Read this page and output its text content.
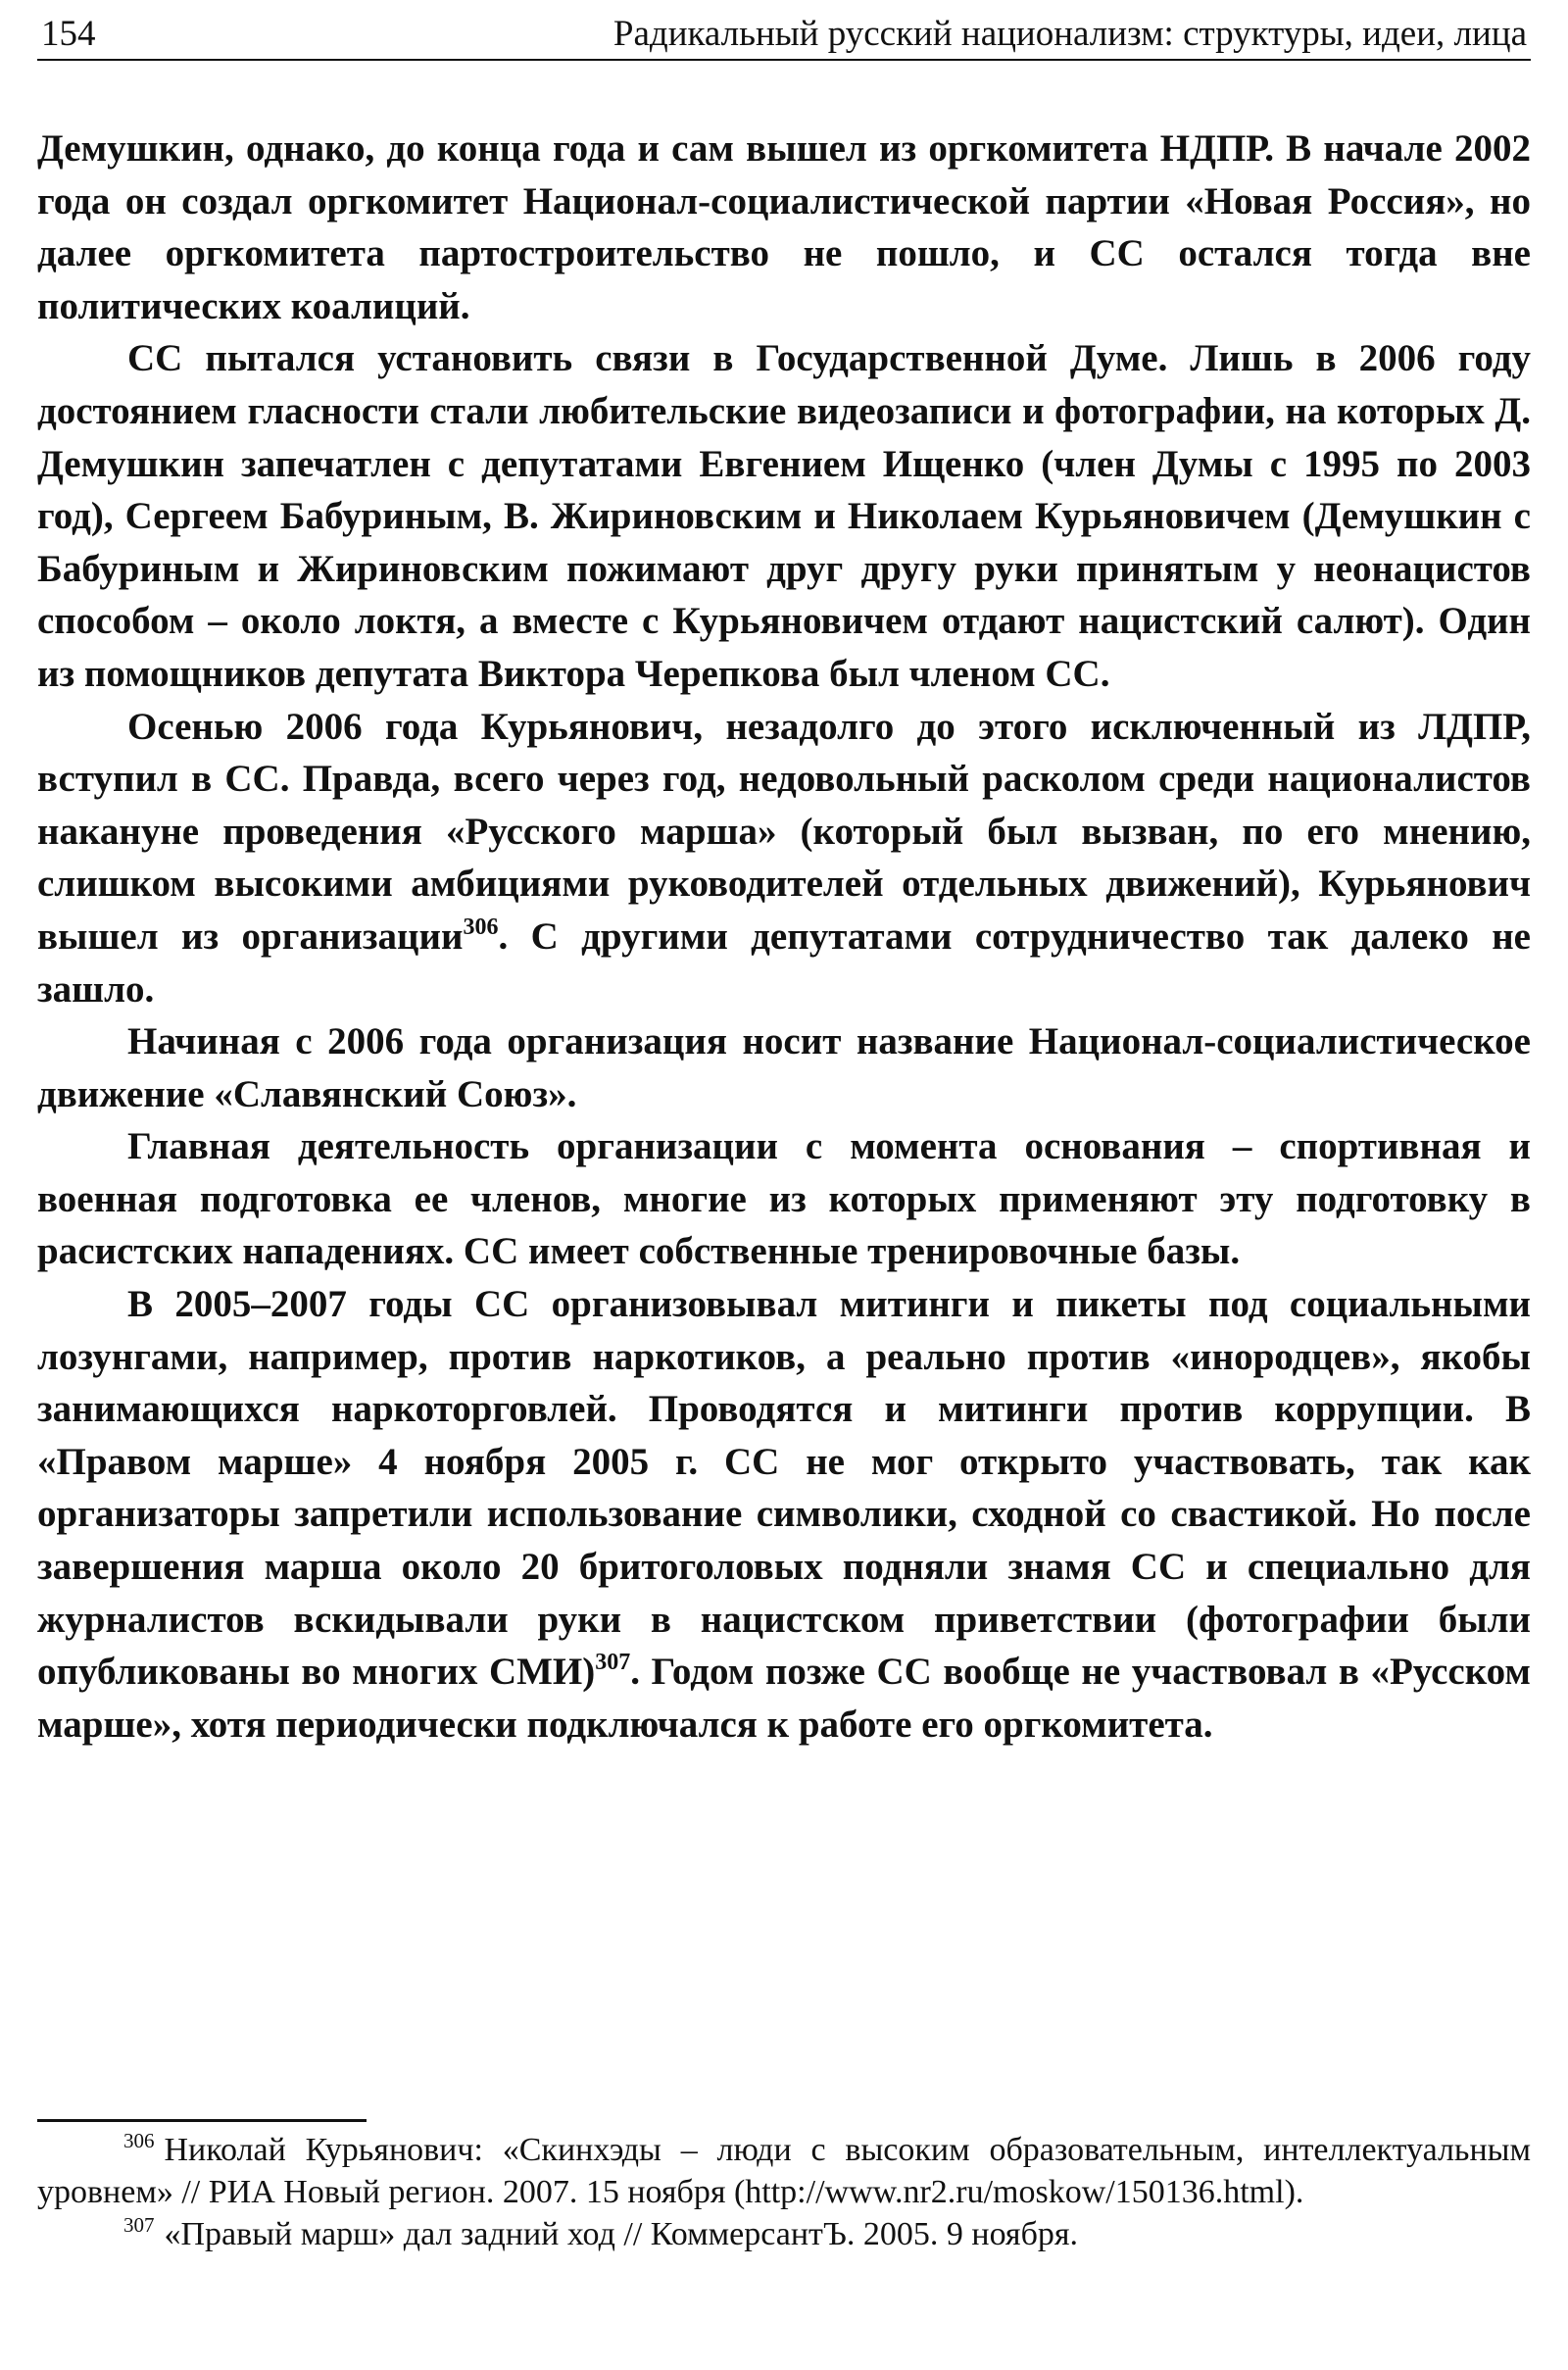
154	Радикальный русский национализм: структуры, идеи, лица

Демушкин, однако, до конца года и сам вышел из оргкомитета НДПР. В начале 2002 года он создал оргкомитет Национал-социалистической партии «Новая Россия», но далее оргкомитета партостроительство не пошло, и СС остался тогда вне политических коалиций.

СС пытался установить связи в Государственной Думе. Лишь в 2006 году достоянием гласности стали любительские видеозаписи и фотографии, на которых Д. Демушкин запечатлен с депутатами Евгением Ищенко (член Думы с 1995 по 2003 год), Сергеем Бабуриным, В. Жириновским и Николаем Курьяновичем (Демушкин с Бабуриным и Жириновским пожимают друг другу руки принятым у неонацистов способом – около локтя, а вместе с Курьяновичем отдают нацистский салют). Один из помощников депутата Виктора Черепкова был членом СС.

Осенью 2006 года Курьянович, незадолго до этого исключенный из ЛДПР, вступил в СС. Правда, всего через год, недовольный расколом среди националистов накануне проведения «Русского марша» (который был вызван, по его мнению, слишком высокими амбициями руководителей отдельных движений), Курьянович вышел из организации$^{306}$. С другими депутатами сотрудничество так далеко не зашло.

Начиная с 2006 года организация носит название Национал-социалистическое движение «Славянский Союз».

Главная деятельность организации с момента основания – спортивная и военная подготовка ее членов, многие из которых применяют эту подготовку в расистских нападениях. СС имеет собственные тренировочные базы.

В 2005–2007 годы СС организовывал митинги и пикеты под социальными лозунгами, например, против наркотиков, а реально против «инородцев», якобы занимающихся наркоторговлей. Проводятся и митинги против коррупции. В «Правом марше» 4 ноября 2005 г. СС не мог открыто участвовать, так как организаторы запретили использование символики, сходной со свастикой. Но после завершения марша около 20 бритоголовых подняли знамя СС и специально для журналистов вскидывали руки в нацистском приветствии (фотографии были опубликованы во многих СМИ)$^{307}$. Годом позже СС вообще не участвовал в «Русском марше», хотя периодически подключался к работе его оргкомитета.

$^{306}$ Николай Курьянович: «Скинхэды – люди с высоким образовательным, интеллектуальным уровнем» // РИА Новый регион. 2007. 15 ноября (http://www.nr2.ru/moskow/150136.html).

$^{307}$ «Правый марш» дал задний ход // КоммерсантЪ. 2005. 9 ноября.
